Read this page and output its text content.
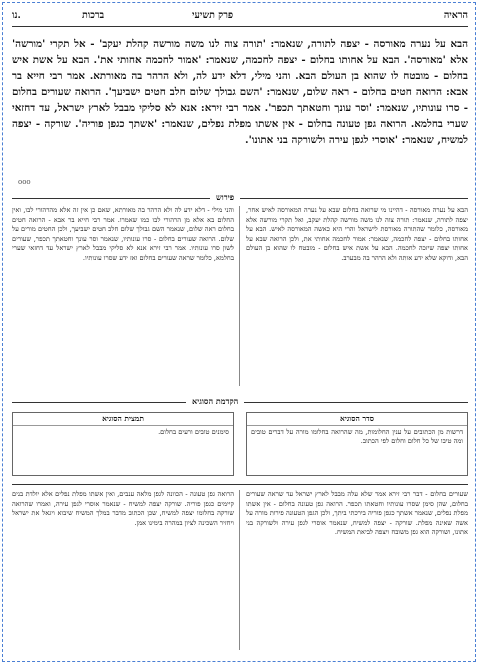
נו.	הראיה
פרק תשיעי
ברכות
הבא על נערה מאורסה - יצפה לתורה, שנאמר: 'תורה צוה לנו משה מורשה קהלת יעקב' - אל תקרי 'מורשה' אלא 'מאורסה'. הבא על אחותו בחלום - יצפה לחכמה, שנאמר: 'אמור לחכמה אחותי את'. הבא על אשת איש בחלום - מובטח לו שהוא בן העולם הבא. והני מילי, דלא ידע לה, ולא הרהר בה מאורתא. אמר רבי חייא בר אבא: הרואה חטים בחלום - ראה שלום, שנאמר: 'השם גבולך שלום חלב חטים ישביעך'. הרואה שעורים בחלום - סרו עונותיו, שנאמר: 'וסר עונך וחטאתך תכפר'. אמר רבי זירא: אנא לא סליקי מבבל לארץ ישראל, עד דחזאי שערי בחלמא. הרואה גפן טעונה בחלום - אין אשתו מפלת נפלים, שנאמר: 'אשתך כגפן פוריה'. שורקה - יצפה למשיח, שנאמר: 'אוסרי לגפן עירה ולשורקה בני אתונו'.
ooo
פירוש
הבא על נערה מאורסה - דהיינו מי שרואה בחלום שבא על נערה המאורסה לאיש אחר, יצפה לתורה, שנאמר: תורה צוה לנו משה מורשה קהלת יעקב, ואל תקרי מורשה אלא מאורסה, כלומר שהתורה מאורסת לישראל והרי היא כאשה המאורסה לאיש. הבא על אחותו בחלום - יצפה לחכמה, שנאמר: אמור לחכמה אחותי את, ולכן הרואה שבא על אחותו יצפה שיזכה לחכמה. הבא על אשת איש בחלום - מובטח לו שהוא בן העולם הבא, ודוקא שלא ידע אותה ולא הרהר בה מבערב.
והני מילי - דלא ידע לה ולא הרהר בה מאורתא, שאם כן אין זה אלא מהרהורי לבו, ואין החלום בא אלא מן הרהורי לבו כמו שאמרו. אמר רבי חייא בר אבא - הרואה חטים בחלום ראה שלום, שנאמר השם גבולך שלום חלב חטים ישביעך, ולכן החטים מורים על שלום. הרואה שעורים בחלום - סרו עונותיו, שנאמר וסר עונך וחטאתך תכפר, שעורים לשון סרו עונותיו. אמר רבי זירא אנא לא סליקי מבבל לארץ ישראל עד דחזאי שערי בחלמא, כלומר שראה שעורים בחלום ואז ידע שסרו עונותיו.
הקדמת הסוגיא
סדר הסוגיא
דרשות מן הכתובים על ענין החלומות, מה שהרואה בחלומו מורה על דברים טובים ומה טיבו של כל חלום וחלום לפי הכתוב.
תמצית הסוגיא
סימנים טובים ורעים בחלום.
שעורים בחלום - דבר רבי זירא אמר שלא עלה מבבל לארץ ישראל עד שראה שעורים בחלום, שהן סימן שסרו עונותיו וחטאתו תכפר. הרואה גפן טעונה בחלום - אין אשתו מפלת נפלים, שנאמר אשתך כגפן פוריה בירכתי ביתך, ולכן הגפן הטעונה פירות מורה על אשה שאינה מפלת. שורקה - יצפה למשיח, שנאמר אוסרי לגפן עירה ולשורקה בני אתונו, ושורקה הוא גפן משובח ויצפה לביאת המשיח.
הרואה גפן טעונה - הכוונה לגפן מלאה ענבים, ואין אשתו מפלת נפלים אלא יולדת בנים קיימים כגפן פוריה. שורקה יצפה למשיח - שנאמר אוסרי לגפן עירה, ואמרו שהרואה שורקה בחלומו יצפה למשיח, שכן הכתוב מדבר במלך המשיח שיבוא ויגאל את ישראל ויחזיר השכינה לציון במהרה בימינו אמן.
